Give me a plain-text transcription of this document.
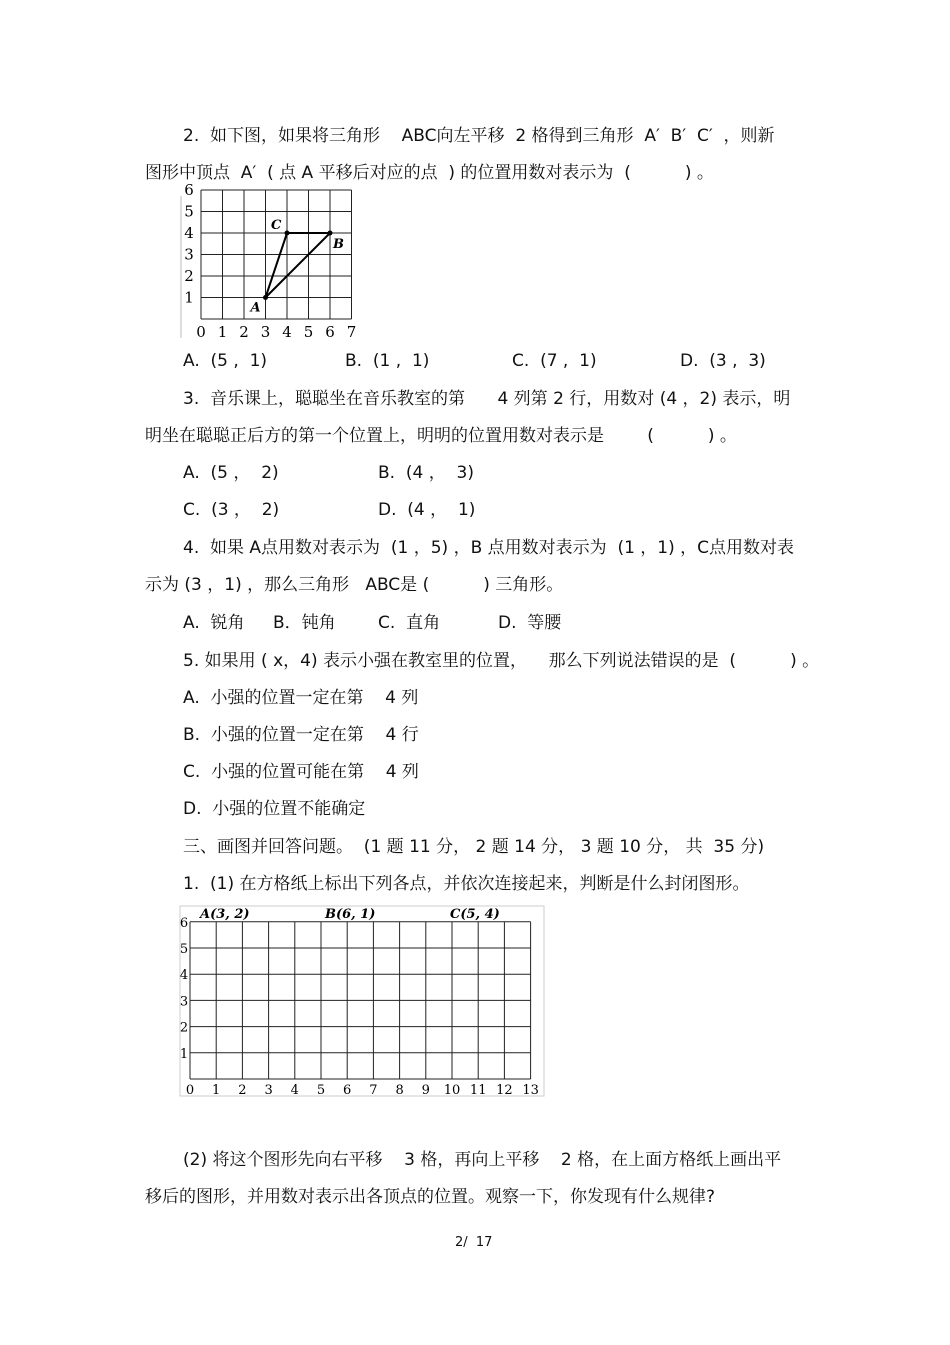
2.  如下图，如果将三角形    ABC向左平移  2 格得到三角形  A′  B′  C′  ，则新
图形中顶点  A′  ( 点 A 平移后对应的点  ) 的位置用数对表示为  (          ) 。
0 1 2 3 4 5 6 7
1
2
3
4
5
6
A
B
C
A.  (5 ,  1)	B.  (1 ,  1)	C.  (7 ,  1)	D.  (3 ,  3)
3.  音乐课上，聪聪坐在音乐教室的第      4 列第 2 行，用数对 (4 ，2) 表示，明
明坐在聪聪正后方的第一个位置上，明明的位置用数对表示是        (          ) 。
A.  (5 ，  2)	B.  (4 ，  3)
C.  (3 ，  2)	D.  (4 ，  1)
4.  如果 A点用数对表示为  (1 ，5) ，B 点用数对表示为  (1 ，1) ，C点用数对表
示为 (3 ，1) ，那么三角形   ABC是 (          ) 三角形。
A.  锐角 B．钝角 C.  直角	D.  等腰
5. 如果用 ( x，4) 表示小强在教室里的位置，    那么下列说法错误的是  (          ) 。
A.  小强的位置一定在第    4 列
B.  小强的位置一定在第    4 行
C.  小强的位置可能在第    4 列
D.  小强的位置不能确定
三、画图并回答问题。  (1 题 11 分， 2 题 14 分， 3 题 10 分， 共  35 分)
1.  (1) 在方格纸上标出下列各点，并依次连接起来，判断是什么封闭图形。
0 1 2 3 4 5 6 7 8 9 10 11 12 13
1
2
3
4
5
6
A(3, 2)	B(6, 1)	C(5, 4)
(2) 将这个图形先向右平移    3 格，再向上平移    2 格，在上面方格纸上画出平
移后的图形，并用数对表示出各顶点的位置。观察一下，你发现有什么规律?
2/  17
